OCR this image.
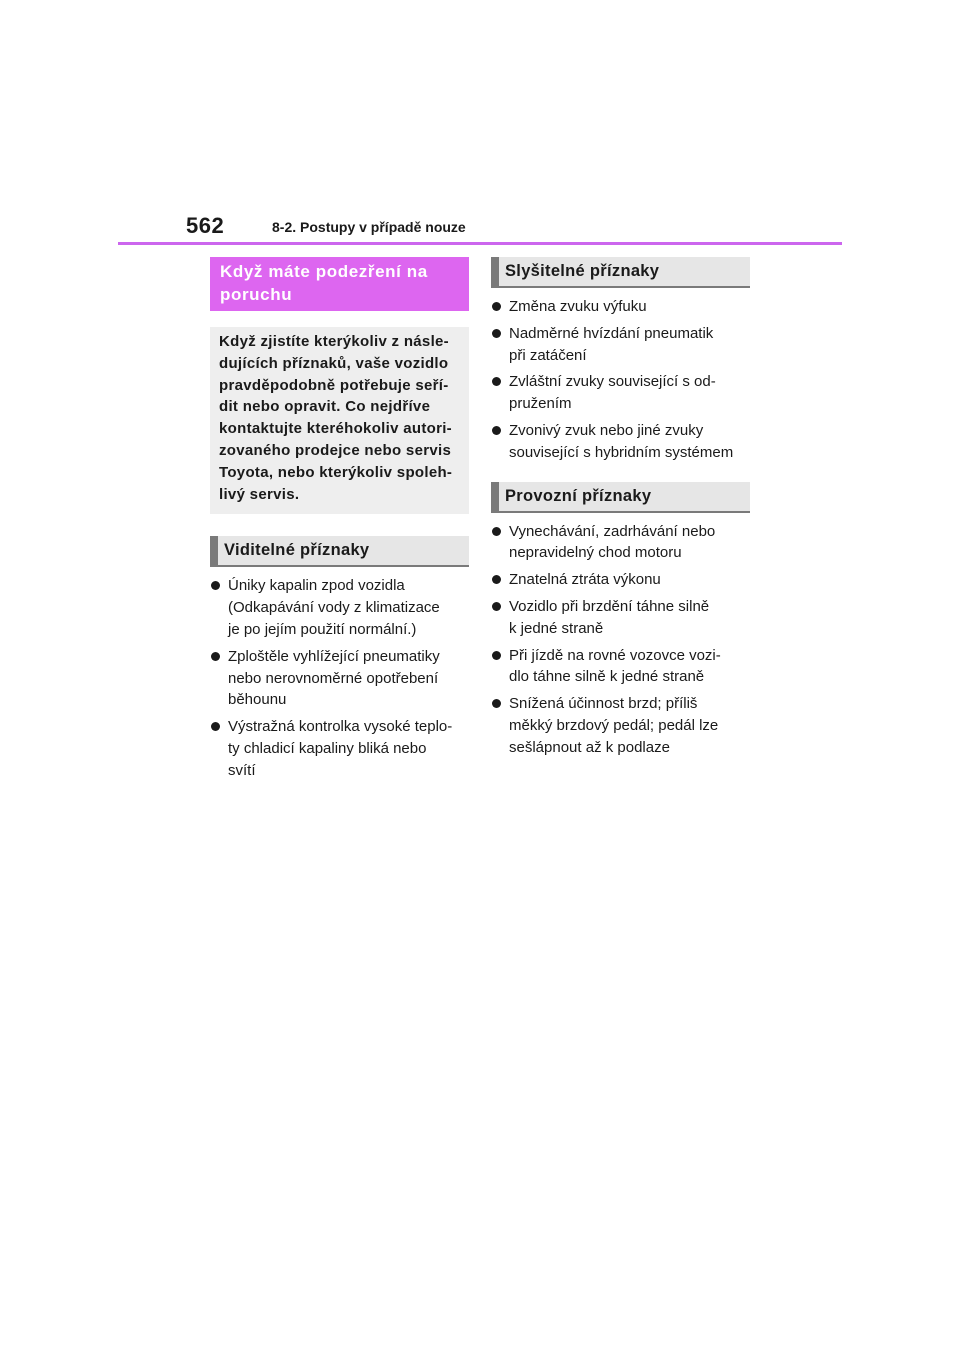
562	8-2. Postupy v případě nouze
Když máte podezření na
poruchu
Když zjistíte kterýkoliv z násle-
dujících příznaků, vaše vozidlo
pravděpodobně potřebuje seří-
dit nebo opravit. Co nejdříve
kontaktujte kteréhokoliv autori-
zovaného prodejce nebo servis
Toyota, nebo kterýkoliv spoleh-
livý servis.
Viditelné příznaky
Úniky kapalin zpod vozidla
(Odkapávání vody z klimatizace
je po jejím použití normální.)
Zploštěle vyhlížející pneumatiky
nebo nerovnoměrné opotřebení
běhounu
Výstražná kontrolka vysoké teplo-
ty chladicí kapaliny bliká nebo
svítí
Slyšitelné příznaky
Změna zvuku výfuku
Nadměrné hvízdání pneumatik
při zatáčení
Zvláštní zvuky související s od-
pružením
Zvonivý zvuk nebo jiné zvuky
související s hybridním systémem
Provozní příznaky
Vynechávání, zadrhávání nebo
nepravidelný chod motoru
Znatelná ztráta výkonu
Vozidlo při brzdění táhne silně
k jedné straně
Při jízdě na rovné vozovce vozi-
dlo táhne silně k jedné straně
Snížená účinnost brzd; příliš
měkký brzdový pedál; pedál lze
sešlápnout až k podlaze
